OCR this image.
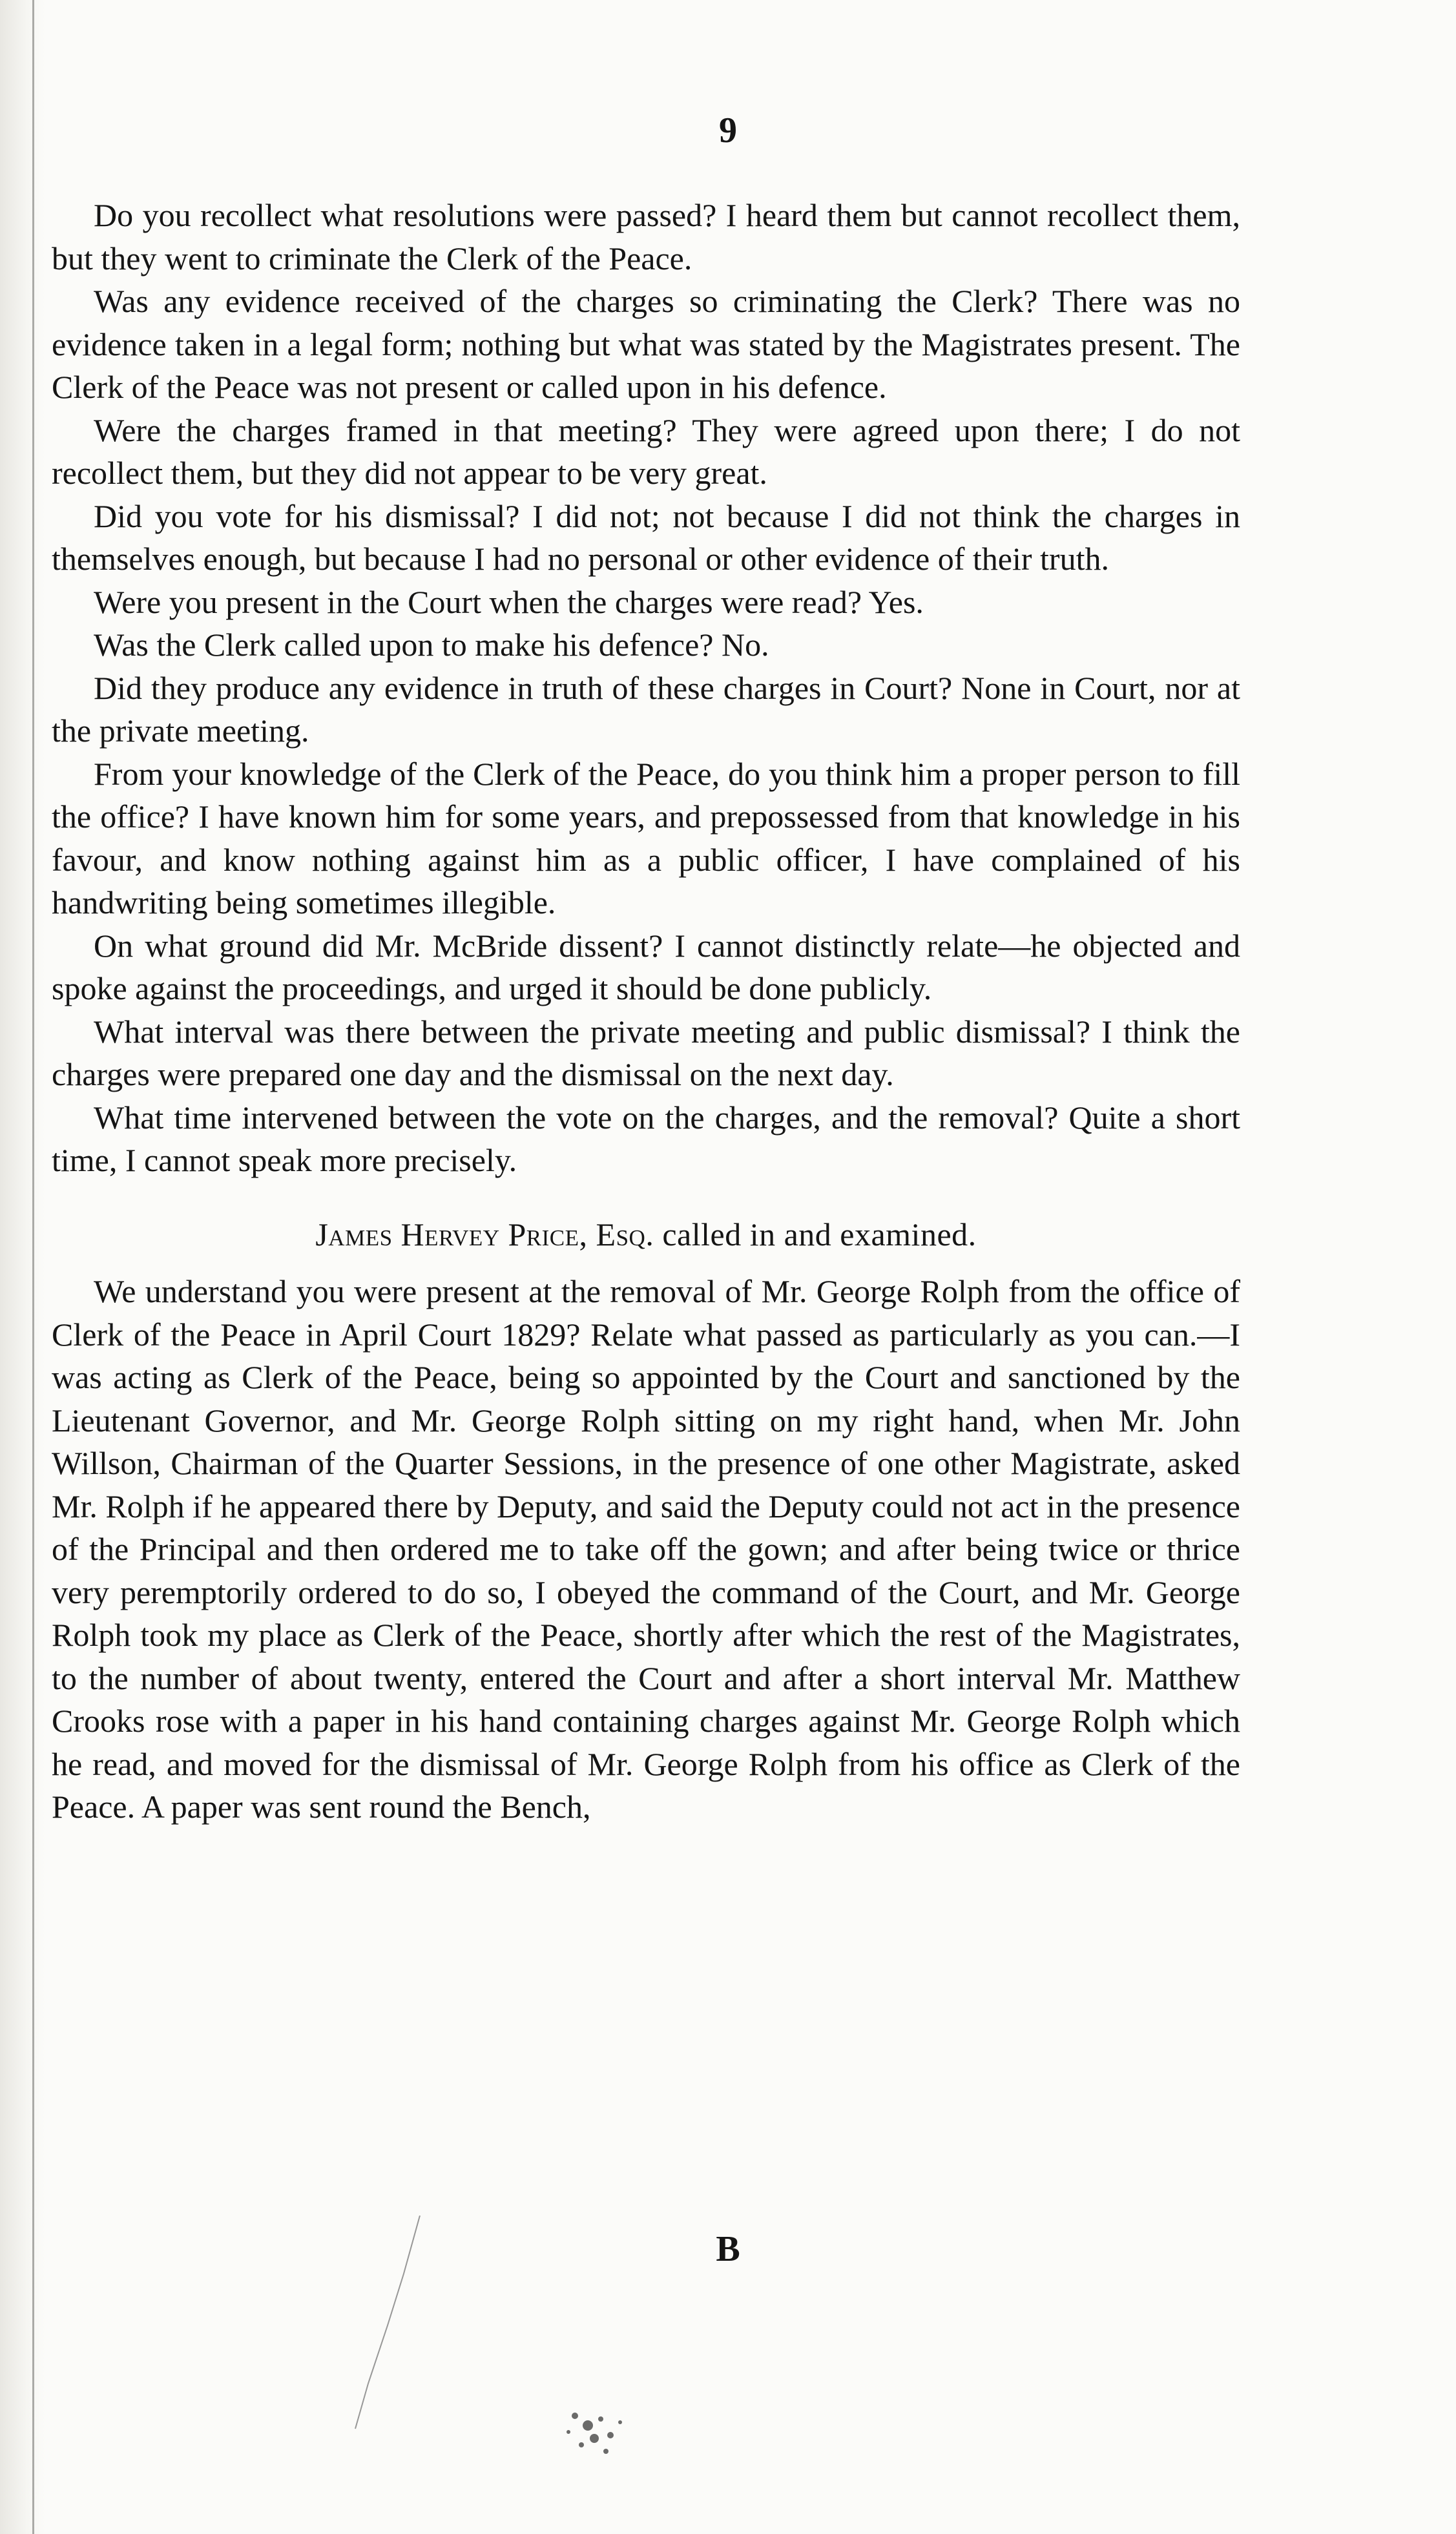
9

Do you recollect what resolutions were passed? I heard them but cannot recollect them, but they went to criminate the Clerk of the Peace.

Was any evidence received of the charges so criminating the Clerk? There was no evidence taken in a legal form; nothing but what was stated by the Magistrates present. The Clerk of the Peace was not present or called upon in his defence.

Were the charges framed in that meeting? They were agreed upon there; I do not recollect them, but they did not appear to be very great.

Did you vote for his dismissal? I did not; not because I did not think the charges in themselves enough, but because I had no personal or other evidence of their truth.

Were you present in the Court when the charges were read? Yes.

Was the Clerk called upon to make his defence? No.

Did they produce any evidence in truth of these charges in Court? None in Court, nor at the private meeting.

From your knowledge of the Clerk of the Peace, do you think him a proper person to fill the office? I have known him for some years, and prepossessed from that knowledge in his favour, and know nothing against him as a public officer, I have complained of his handwriting being sometimes illegible.

On what ground did Mr. McBride dissent? I cannot distinctly relate—he objected and spoke against the proceedings, and urged it should be done publicly.

What interval was there between the private meeting and public dismissal? I think the charges were prepared one day and the dismissal on the next day.

What time intervened between the vote on the charges, and the removal? Quite a short time, I cannot speak more precisely.

James Hervey Price, Esq. called in and examined.

We understand you were present at the removal of Mr. George Rolph from the office of Clerk of the Peace in April Court 1829? Relate what passed as particularly as you can.—I was acting as Clerk of the Peace, being so appointed by the Court and sanctioned by the Lieutenant Governor, and Mr. George Rolph sitting on my right hand, when Mr. John Willson, Chairman of the Quarter Sessions, in the presence of one other Magistrate, asked Mr. Rolph if he appeared there by Deputy, and said the Deputy could not act in the presence of the Principal and then ordered me to take off the gown; and after being twice or thrice very peremptorily ordered to do so, I obeyed the command of the Court, and Mr. George Rolph took my place as Clerk of the Peace, shortly after which the rest of the Magistrates, to the number of about twenty, entered the Court and after a short interval Mr. Matthew Crooks rose with a paper in his hand containing charges against Mr. George Rolph which he read, and moved for the dismissal of Mr. George Rolph from his office as Clerk of the Peace. A paper was sent round the Bench,

B
